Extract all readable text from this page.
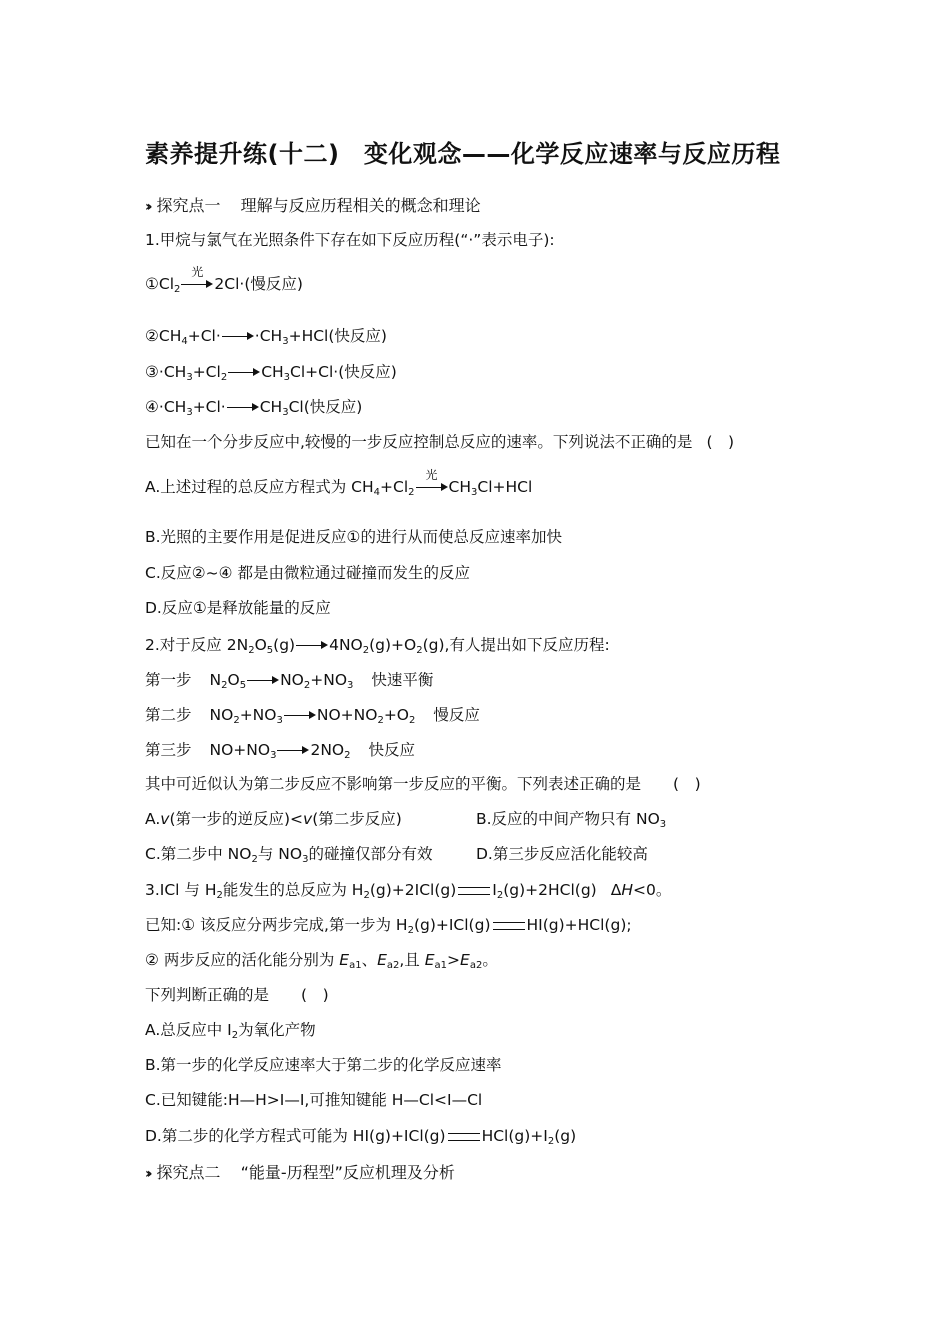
素养提升练(十二)　变化观念——化学反应速率与反应历程
›› 探究点一 理解与反应历程相关的概念和理论
1.甲烷与氯气在光照条件下存在如下反应历程(“·”表示电子):
$①Cl_2$
光
2Cl·(慢反应)
$②CH_4+Cl\cdot \cdot CH_3+HCl$(快反应)
$③\cdot CH_3+Cl_2$ $CH_3Cl+Cl\cdot$(快反应)
$④\cdot CH_3+Cl\cdot CH_3Cl$(快反应)
已知在一个分步反应中,较慢的一步反应控制总反应的速率。下列说法不正确的是 (　)
A.上述过程的总反应方程式为 $CH_4+Cl_2$
光
$CH_3Cl+HCl$
B.光照的主要作用是促进反应①的进行从而使总反应速率加快
C.反应②~④ 都是由微粒通过碰撞而发生的反应
D.反应①是释放能量的反应
2.对于反应 $2N_2O_5(g)$ $4NO_2(g)+O_2(g)$,有人提出如下反应历程:
第一步 $N_2O_5$ $NO_2+NO_3$ 快速平衡
第二步 $NO_2+NO_3$ $NO+NO_2+O_2$ 慢反应
第三步 $NO+NO_3$ $2NO_2$ 快反应
其中可近似认为第二步反应不影响第一步反应的平衡。下列表述正确的是 (　)
A.v(第一步的逆反应)<v(第二步反应)	B.反应的中间产物只有 $NO_3$
C.第二步中 $NO_2$与 $NO_3$的碰撞仅部分有效	D.第三步反应活化能较高
3.ICl 与 $H_2$能发生的总反应为 $H_2(g)+2ICl(g)$ $I_2(g)+2HCl(g)$ ΔH<0。
已知:① 该反应分两步完成,第一步为 $H_2(g)+ICl(g)$ HI(g)+HCl(g);
② 两步反应的活化能分别为 $E_{a1}$、$E_{a2}$,且 $E_{a1}>E_{a2}$。
下列判断正确的是 (　)
A.总反应中 $I_2$为氧化产物
B.第一步的化学反应速率大于第二步的化学反应速率
C.已知键能:H—H>I—I,可推知键能 H—Cl<I—Cl
D.第二步的化学方程式可能为 HI(g)+ICl(g) $HCl(g)+I_2(g)$
›› 探究点二 “能量-历程型”反应机理及分析
